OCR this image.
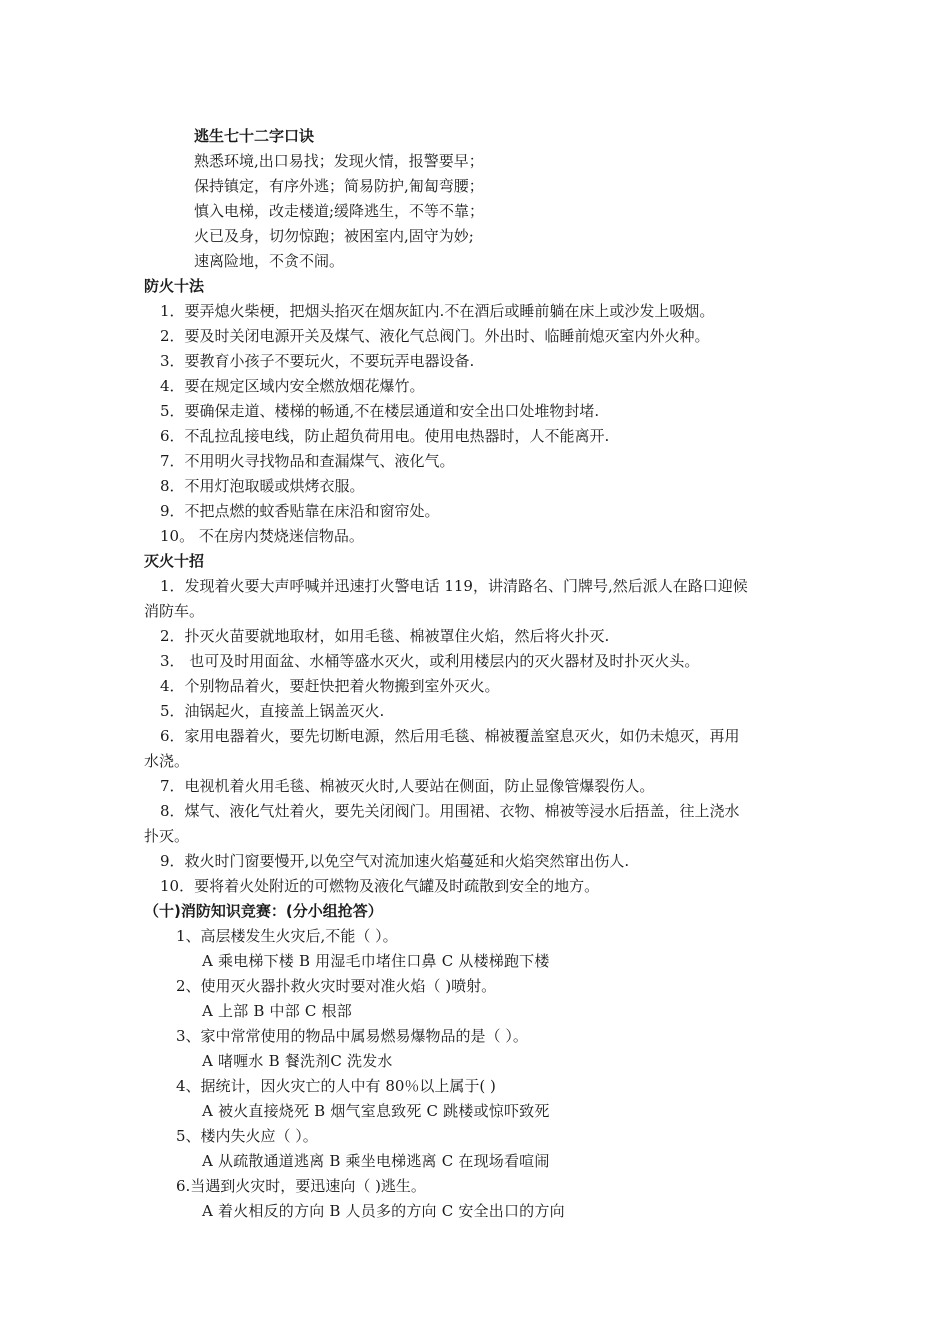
逃生七十二字口诀
熟悉环境,出口易找；发现火情，报警要早；
保持镇定，有序外逃；简易防护,匍匐弯腰；
慎入电梯，改走楼道;缓降逃生，不等不靠；
火已及身，切勿惊跑；被困室内,固守为妙;
速离险地，不贪不闹。
防火十法
1．要弄熄火柴梗，把烟头掐灭在烟灰缸内.不在酒后或睡前躺在床上或沙发上吸烟。
2．要及时关闭电源开关及煤气、液化气总阀门。外出时、临睡前熄灭室内外火种。
3．要教育小孩子不要玩火，不要玩弄电器设备.
4．要在规定区域内安全燃放烟花爆竹。
5．要确保走道、楼梯的畅通,不在楼层通道和安全出口处堆物封堵.
6．不乱拉乱接电线，防止超负荷用电。使用电热器时，人不能离开.
7．不用明火寻找物品和查漏煤气、液化气。
8．不用灯泡取暖或烘烤衣服。
9．不把点燃的蚊香贴靠在床沿和窗帘处。
10。 不在房内焚烧迷信物品。
灭火十招
1．发现着火要大声呼喊并迅速打火警电话 119，讲清路名、门牌号,然后派人在路口迎候
消防车。
2．扑灭火苗要就地取材，如用毛毯、棉被罩住火焰，然后将火扑灭.
3． 也可及时用面盆、水桶等盛水灭火，或利用楼层内的灭火器材及时扑灭火头。
4．个别物品着火，要赶快把着火物搬到室外灭火。
5．油锅起火，直接盖上锅盖灭火.
6．家用电器着火，要先切断电源，然后用毛毯、棉被覆盖窒息灭火，如仍未熄灭，再用
水浇。
7．电视机着火用毛毯、棉被灭火时,人要站在侧面，防止显像管爆裂伤人。
8．煤气、液化气灶着火，要先关闭阀门。用围裙、衣物、棉被等浸水后捂盖，往上浇水
扑灭。
9．救火时门窗要慢开,以免空气对流加速火焰蔓延和火焰突然窜出伤人.
10．要将着火处附近的可燃物及液化气罐及时疏散到安全的地方。
（十)消防知识竞赛：(分小组抢答）
1、高层楼发生火灾后,不能（ ）。
A 乘电梯下楼 B 用湿毛巾堵住口鼻 C 从楼梯跑下楼
2、使用灭火器扑救火灾时要对准火焰（ )喷射。
A 上部 B 中部 C 根部
3、家中常常使用的物品中属易燃易爆物品的是（ ）。
A 啫喱水 B 餐洗剂C 洗发水
4、据统计，因火灾亡的人中有 80％以上属于( )
A 被火直接烧死 B 烟气室息致死 C 跳楼或惊吓致死
5、楼内失火应（ ）。
A 从疏散通道逃离 B 乘坐电梯逃离 C 在现场看喧闹
6.当遇到火灾时，要迅速向（ )逃生。
A 着火相反的方向 B 人员多的方向 C 安全出口的方向
